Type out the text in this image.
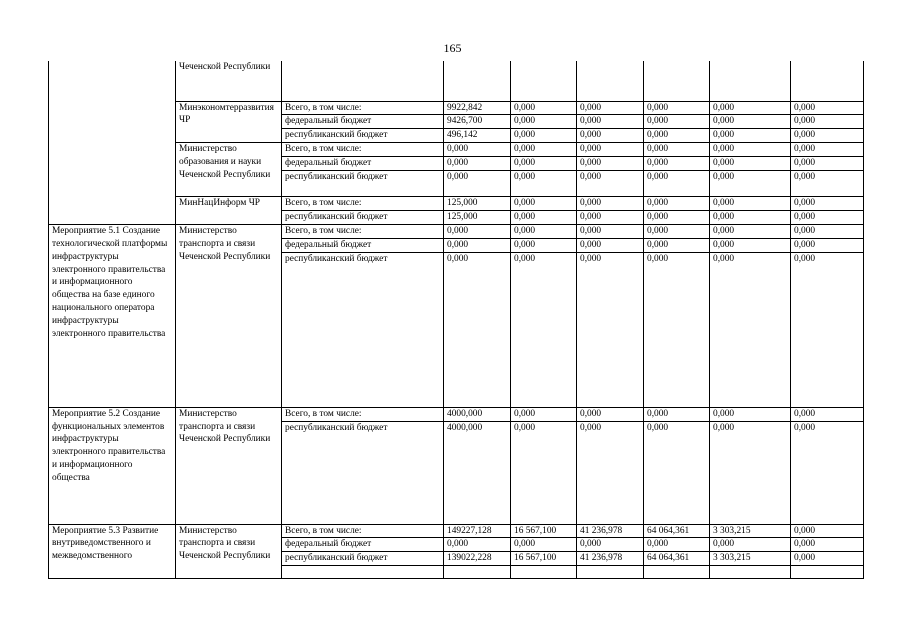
165
	Чеченской Республики							
	Минэкономтерразвития ЧР	Всего, в том числе:	9922,842	0,000	0,000	0,000	0,000	0,000
		федеральный бюджет	9426,700	0,000	0,000	0,000	0,000	0,000
		республиканский бюджет	496,142	0,000	0,000	0,000	0,000	0,000
	Министерство образования и науки Чеченской Республики	Всего, в том числе:	0,000	0,000	0,000	0,000	0,000	0,000
		федеральный бюджет	0,000	0,000	0,000	0,000	0,000	0,000
		республиканский бюджет	0,000	0,000	0,000	0,000	0,000	0,000
	МинНацИнформ ЧР	Всего, в том числе:	125,000	0,000	0,000	0,000	0,000	0,000
		республиканский бюджет	125,000	0,000	0,000	0,000	0,000	0,000
Мероприятие 5.1 Создание технологической платформы инфраструктуры электронного правительства и информационного общества на базе единого национального оператора инфраструктуры электронного правительства	Министерство транспорта и связи Чеченской Республики	Всего, в том числе:	0,000	0,000	0,000	0,000	0,000	0,000
		федеральный бюджет	0,000	0,000	0,000	0,000	0,000	0,000
		республиканский бюджет	0,000	0,000	0,000	0,000	0,000	0,000
Мероприятие 5.2 Создание функциональных элементов инфраструктуры электронного правительства и информационного общества	Министерство транспорта и связи Чеченской Республики	Всего, в том числе:	4000,000	0,000	0,000	0,000	0,000	0,000
		республиканский бюджет	4000,000	0,000	0,000	0,000	0,000	0,000
Мероприятие 5.3 Развитие внутриведомственного и межведомственного	Министерство транспорта и связи Чеченской Республики	Всего, в том числе:	149227,128	16 567,100	41 236,978	64 064,361	3 303,215	0,000
		федеральный бюджет	0,000	0,000	0,000	0,000	0,000	0,000
		республиканский бюджет	139022,228	16 567,100	41 236,978	64 064,361	3 303,215	0,000
